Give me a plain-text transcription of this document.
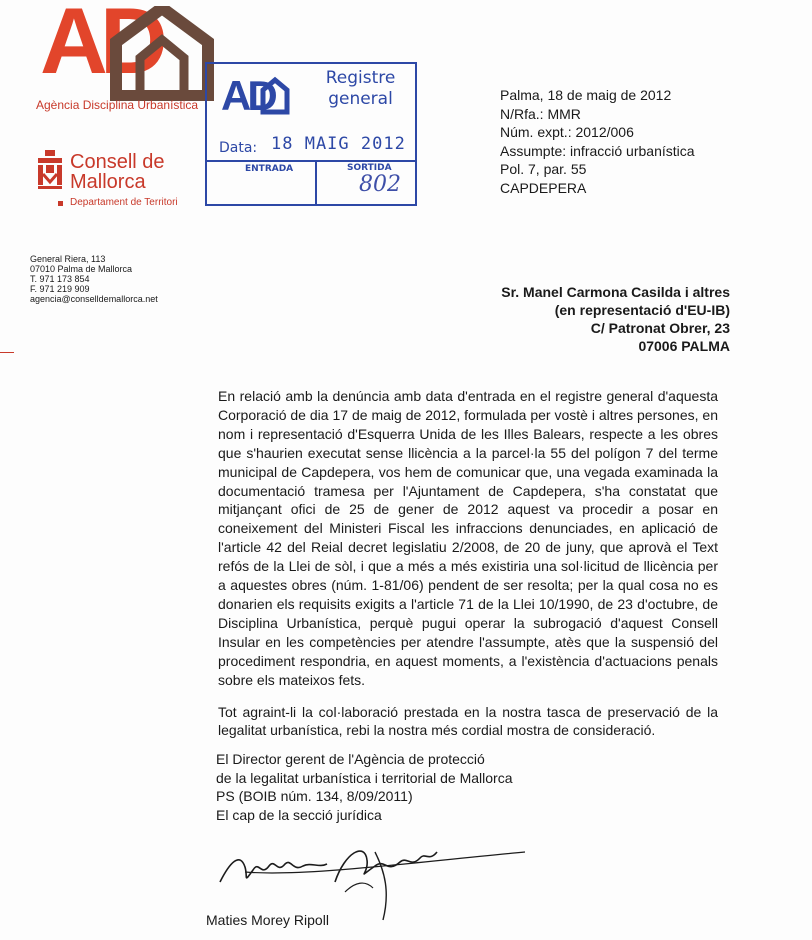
AD
Agència Disciplina Urbanística
Consell de
Mallorca
Departament de Territori
AD	Registre
general
Data: 18 MAIG 2012
ENTRADA	SORTIDA
802
Palma, 18 de maig de 2012
N/Rfa.: MMR
Núm. expt.: 2012/006
Assumpte: infracció urbanística
Pol. 7, par. 55
CAPDEPERA
General Riera, 113
07010 Palma de Mallorca
T. 971 173 854
F. 971 219 909
agencia@conselldemallorca.net	Sr. Manel Carmona Casilda i altres
(en representació d'EU-IB)
C/ Patronat Obrer, 23
07006 PALMA

En relació amb la denúncia amb data d'entrada en el registre general d'aquesta Corporació de dia 17 de maig de 2012, formulada per vostè i altres persones, en nom i representació d'Esquerra Unida de les Illes Balears, respecte a les obres que s'haurien executat sense llicència a la parcel·la 55 del polígon 7 del terme municipal de Capdepera, vos hem de comunicar que, una vegada examinada la documentació tramesa per l'Ajuntament de Capdepera, s'ha constatat que mitjançant ofici de 25 de gener de 2012 aquest va procedir a posar en coneixement del Ministeri Fiscal les infraccions denunciades, en aplicació de l'article 42 del Reial decret legislatiu 2/2008, de 20 de juny, que aprovà el Text refós de la Llei de sòl, i que a més a més existiria una sol·licitud de llicència per a aquestes obres (núm. 1-81/06) pendent de ser resolta; per la qual cosa no es donarien els requisits exigits a l'article 71 de la Llei 10/1990, de 23 d'octubre, de Disciplina Urbanística, perquè pugui operar la subrogació d'aquest Consell Insular en les competències per atendre l'assumpte, atès que la suspensió del procediment respondria, en aquest moments, a l'existència d'actuacions penals sobre els mateixos fets.

Tot agraint-li la col·laboració prestada en la nostra tasca de preservació de la legalitat urbanística, rebi la nostra més cordial mostra de consideració.

El Director gerent de l'Agència de protecció
de la legalitat urbanística i territorial de Mallorca
PS (BOIB núm. 134, 8/09/2011)
El cap de la secció jurídica
Maties Morey Ripoll
